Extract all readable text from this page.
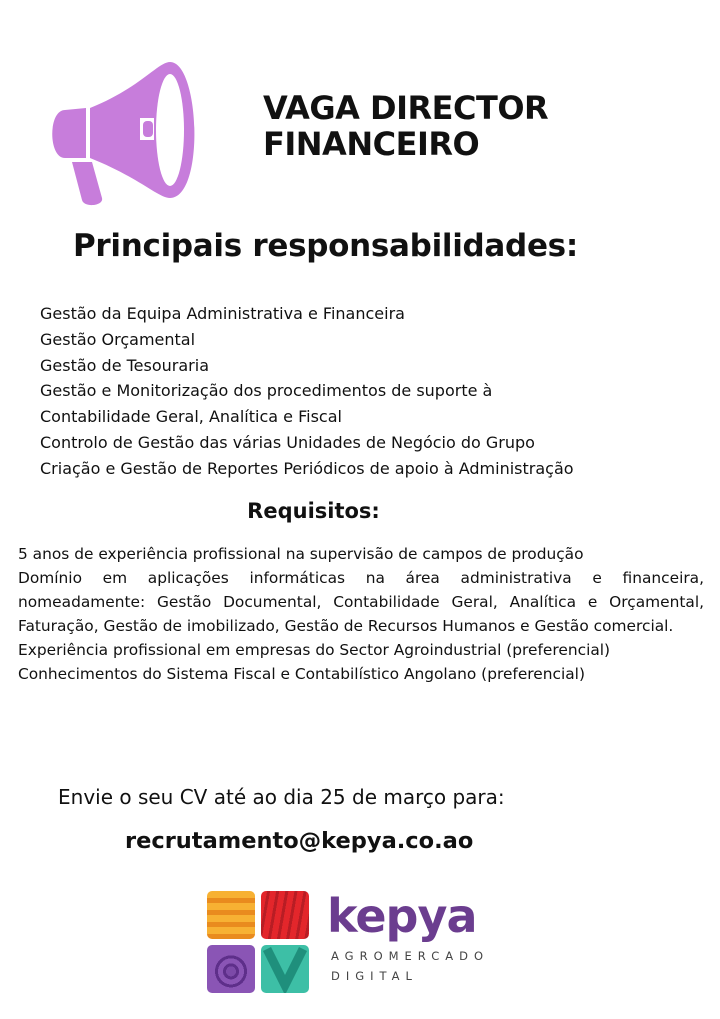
VAGA DIRECTOR
FINANCEIRO
Principais responsabilidades:
Gestão da Equipa Administrativa e Financeira
Gestão Orçamental
Gestão de Tesouraria
Gestão e Monitorização dos procedimentos de suporte à
Contabilidade Geral, Analítica e Fiscal
Controlo de Gestão das várias Unidades de Negócio do Grupo
Criação e Gestão de Reportes Periódicos de apoio à Administração
Requisitos:

5 anos de experiência profissional na supervisão de campos de produção

Domínio em aplicações informáticas na área administrativa e financeira, nomeadamente: Gestão Documental, Contabilidade Geral, Analítica e Orçamental, Faturação, Gestão de imobilizado, Gestão de Recursos Humanos e Gestão comercial.

Experiência profissional em empresas do Sector Agroindustrial (preferencial)

Conhecimentos do Sistema Fiscal e Contabilístico Angolano (preferencial)

Envie o seu CV até ao dia 25 de março para:
recrutamento@kepya.co.ao
kepya
AGROMERCADO
DIGITAL
